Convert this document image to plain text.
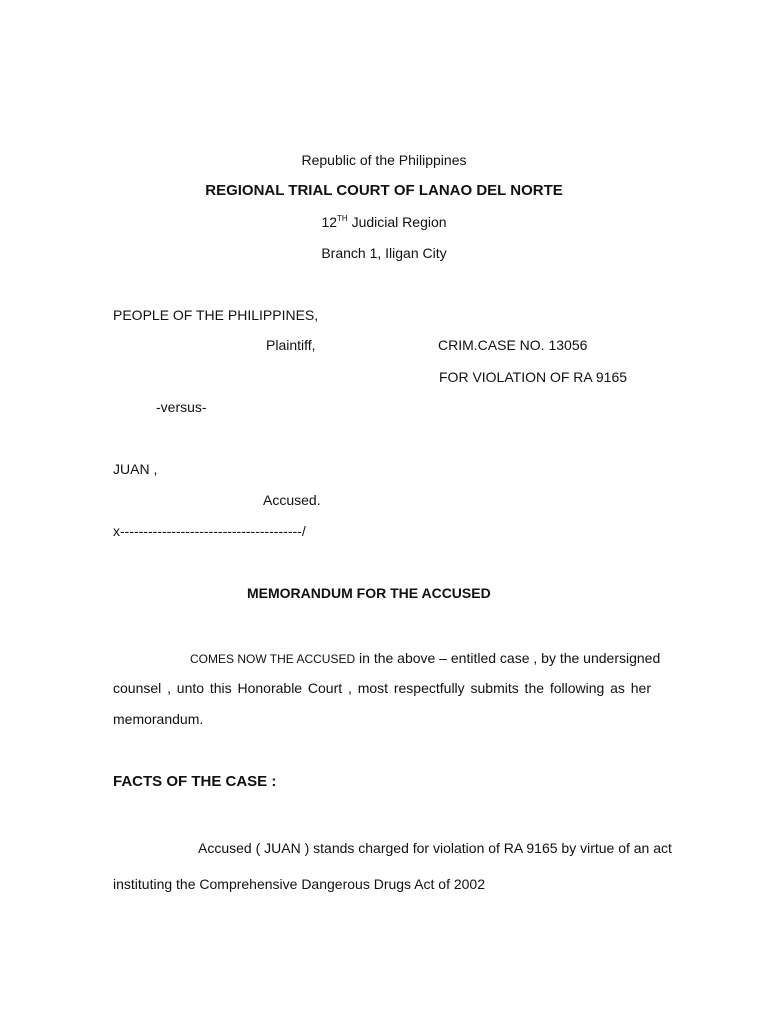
Republic of the Philippines
REGIONAL TRIAL COURT OF LANAO DEL NORTE
12TH Judicial Region
Branch 1, Iligan City
PEOPLE OF THE PHILIPPINES,
Plaintiff,	CRIM.CASE NO. 13056
FOR VIOLATION OF RA 9165
-versus-
JUAN ,
Accused.
x---------------------------------------/
MEMORANDUM FOR THE ACCUSED
COMES NOW THE ACCUSED in the above – entitled case , by the undersigned
counsel , unto this Honorable Court , most respectfully submits the following as her
memorandum.
FACTS OF THE CASE :
Accused ( JUAN ) stands charged for violation of RA 9165 by virtue of an act
instituting the Comprehensive Dangerous Drugs Act of 2002
